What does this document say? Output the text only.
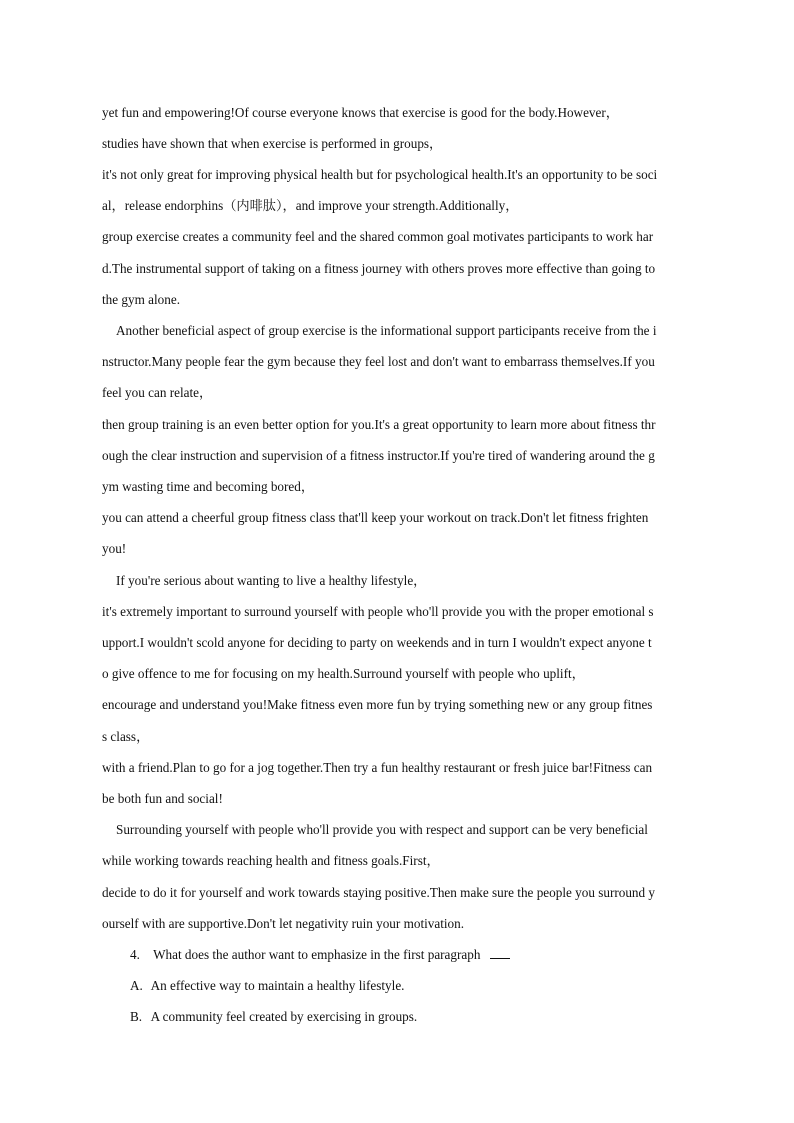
yet fun and empowering!Of course everyone knows that exercise is good for the body.However，
studies have shown that when exercise is performed in groups，
it's not only great for improving physical health but for psychological health.It's an opportunity to be soci
al，release endorphins（内啡肽），and improve your strength.Additionally，
group exercise creates a community feel and the shared common goal motivates participants to work har
d.The instrumental support of taking on a fitness journey with others proves more effective than going to
the gym alone.
Another beneficial aspect of group exercise is the informational support participants receive from the i
nstructor.Many people fear the gym because they feel lost and don't want to embarrass themselves.If you
feel you can relate，
then group training is an even better option for you.It's a great opportunity to learn more about fitness thr
ough the clear instruction and supervision of a fitness instructor.If you're tired of wandering around the g
ym wasting time and becoming bored，
you can attend a cheerful group fitness class that'll keep your workout on track.Don't let fitness frighten
you!
If you're serious about wanting to live a healthy lifestyle，
it's extremely important to surround yourself with people who'll provide you with the proper emotional s
upport.I wouldn't scold anyone for deciding to party on weekends and in turn I wouldn't expect anyone t
o give offence to me for focusing on my health.Surround yourself with people who uplift，
encourage and understand you!Make fitness even more fun by trying something new or any group fitnes
s class，
with a friend.Plan to go for a jog together.Then try a fun healthy restaurant or fresh juice bar!Fitness can
be both fun and social!
Surrounding yourself with people who'll provide you with respect and support can be very beneficial
while working towards reaching health and fitness goals.First，
decide to do it for yourself and work towards staying positive.Then make sure the people you surround y
ourself with are supportive.Don't let negativity ruin your motivation.
4. What does the author want to emphasize in the first paragraph
A. An effective way to maintain a healthy lifestyle.
B. A community feel created by exercising in groups.
